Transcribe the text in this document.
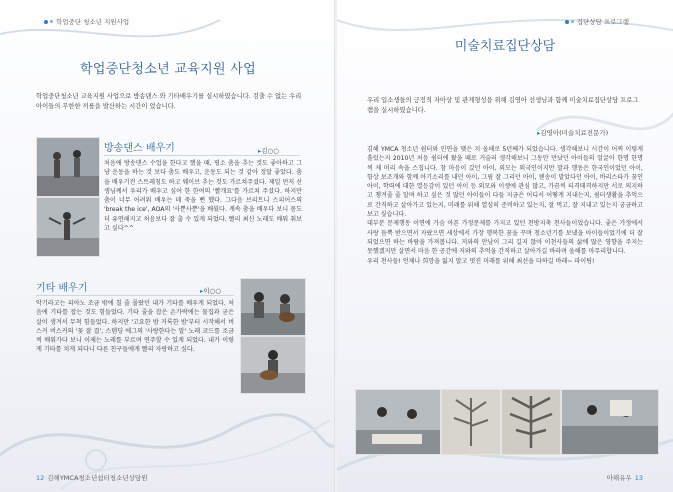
학업중단 청소년 지원사업
학업중단청소년 교육지원 사업
학업중단청소년 교육지원 사업으로 방송댄스 와 기타배우기를 실시하였습니다. 검출 수 없는 우리아이들의 무한한 끼를을 발산하는 시간이 었습니다.
방송댄스 배우기	▸김○○
처음에 방송댄스 수업을 한다고 했을 때, 평소 춤을 추는 것도 좋아하고 그냥 운동을 하는 것 보다 춤도 배우고, 운동도 되는 것 같아 정말 좋았다. 춤을 배우기전 스트레칭도 하고 웨이브 추는 것도 가르쳐주셨다. 제일 먼저 선생님께서 우리가 배우고 싶어 한 한여의 '빨개요'를 가르쳐 주셨다. 하지만 춤이 너무 어려워 배우는 데 죽을 뻔 했다. 그다음 브리트니 스피어스의 'break the ice', AOA의 '사뿐사뿐'을 배웠다. 계속 춤을 배우다 보니 몸도 더 유연해지고 처음보다 잘 출 수 있게 되었다. 빨리 최신 노래도 배워 춰보고 싶다^^
기타 배우기	▸이○○
악기라고는 피아노 조금 밖에 칠 줄 몰랐던 내가 기타를 배우게 되었다. 처음에 기타를 잡는 것도 힘들었다. 기타 줄을 잡은 손가락에는 물집과 굳은 살이 생겨서 무척 힘들었다. 하지만 '고요한 밤 거룩한 밤'부터 시작해서 버스커 버스커의 '꽃 잘 결', 스탠딩 에그의 '사랑한다는 말' 노래 코드를 조금씩 배워가다 보니 이제는 노래를 부르며 연주할 수 있게 되었다. 내가 이렇게 기타를 치게 되다니 다른 친구들에게 빨리 자랑하고 싶다.
12 김해YMCA청소년쉼터청소년상담원
집단상담 프로그램
미술치료집단상담
우리 입소생들의 긍정적 자아상 및 관계형성을 위해 김영아 선생님과 함께 미술치료집단상담 프로그램을 실시하였습니다.
▸김영아(미술치료전문가)
김해 YMCA 청소년 쉼터와 인연을 맺은 지 올해로 5년째가 되었습니다. 생각해보니 시간이 어찌 이렇게 흘렀는지 2010년 처음 쉼터에 왔을 때로 거슬러 생각해보니 그동안 만났던 아이들의 얼굴이 한명 한명씩 제 머리 속을 스칩니다. 참 마음이 갔던 아이, 외모는 외국인이지만 말과 행동은 한국인이었던 아이, 항상 보조개와 함께 아기소리를 내던 아이, 그림 잘 그리던 아이, 웬송이 말았다던 아이, 바리스타가 꿈인 아이, 학력에 대한 열등감이 있던 아이 등 외모와 이생에 관심 많고, 가끔씩 티격태격하지만 서로 의지하고 챙겨줄 줄 알며 하고 싶은 것 많던 아이들이 다들 지금은 어디서 어떻게 지내는지, 쉼터생활을 추억으로 간직하고 살아가고 있는지, 미래를 위해 열심히 준비하고 있는지, 잘 먹고, 잘 지내고 있는지 궁금하고 보고 싶습니다.
대부분 문제행동 이면에 가슴 아픈 가정문제를 가지고 있던 천방지축 천사들이었습니다. 좋은 가정에서 사랑 듬뿍 받으면서 자랐으면 세상에서 가장 행복한 꿈을 꾸며 청소년기를 보냈을 아이들이었기에 더 잘 되었으면 하는 바람을 가져봅니다. 저와의 만남이 그리 길지 않아 이천사들의 삶에 많은 영향을 주지는 못했겠지만 살면서 마음 한 공간에 저와의 추억을 간직하고 살아가길 바라며 올해를 마무리합니다.
우리 천사들! 언제나 희망을 잃지 말고 멋진 미래를 위해 최선을 다하길 바래~ 파이팅!
아해유우 13
